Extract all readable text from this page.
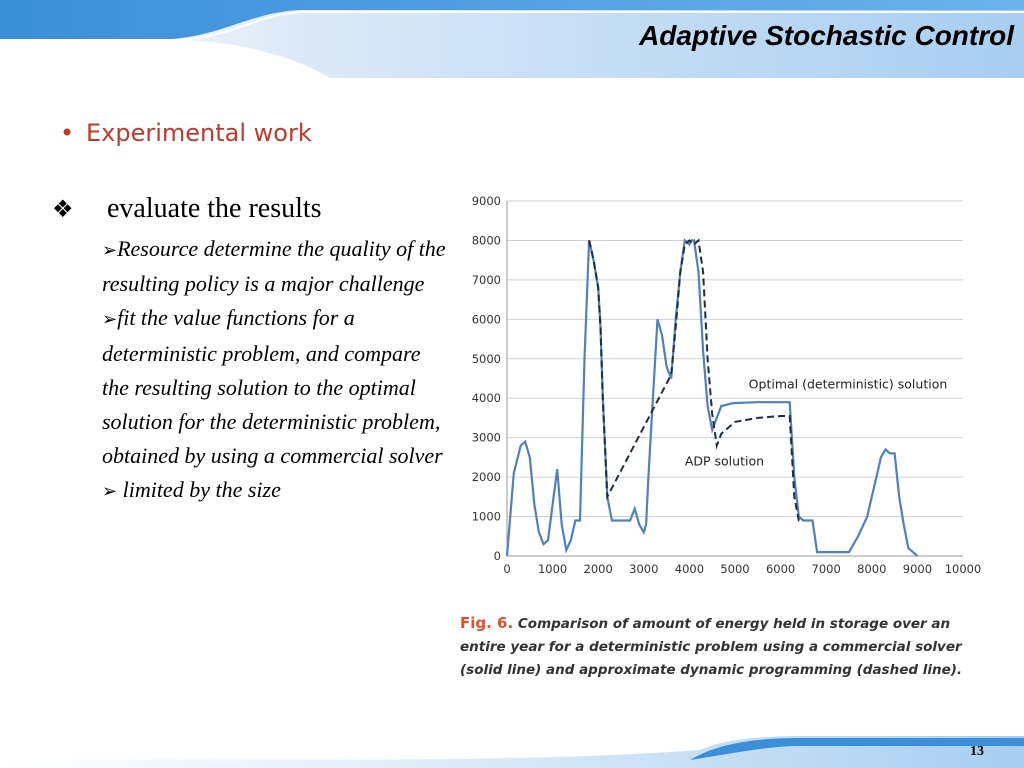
Adaptive Stochastic Control
• Experimental work
❖ evaluate the results
➢Resource determine the quality of the resulting policy is a major challenge
➢fit the value functions for a deterministic problem, and compare the resulting solution to the optimal solution for the deterministic problem, obtained by using a commercial solver
➢ limited by the size
0
1000
2000
3000
4000
5000
6000
7000
8000
9000
0 1000 2000 3000 4000 5000 6000 7000 8000 9000 10000
Optimal (deterministic) solution
ADP solution
Fig. 6. Comparison of amount of energy held in storage over an entire year for a deterministic problem using a commercial solver (solid line) and approximate dynamic programming (dashed line).
13
